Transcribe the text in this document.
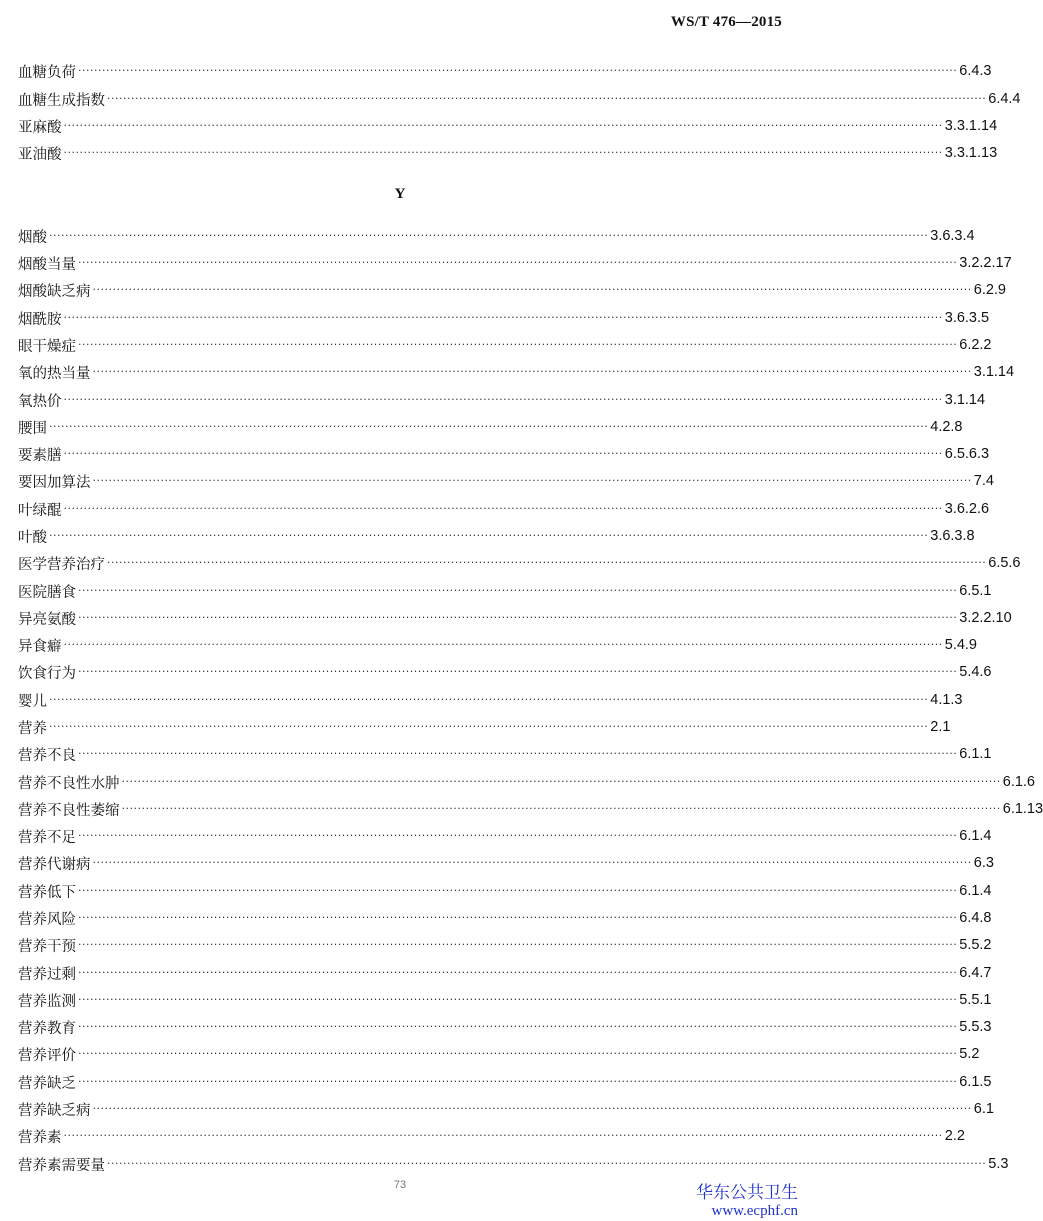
WS/T 476—2015
血糖负荷 ···························································································································································································································· 6.4.3
血糖生成指数 ···························································································································································································································· 6.4.4
亚麻酸 ···························································································································································································································· 3.3.1.14
亚油酸 ···························································································································································································································· 3.3.1.13
烟酸 ···························································································································································································································· 3.6.3.4
烟酸当量 ···························································································································································································································· 3.2.2.17
烟酸缺乏病 ···························································································································································································································· 6.2.9
烟酰胺 ···························································································································································································································· 3.6.3.5
眼干燥症 ···························································································································································································································· 6.2.2
氧的热当量 ···························································································································································································································· 3.1.14
氧热价 ···························································································································································································································· 3.1.14
腰围 ···························································································································································································································· 4.2.8
要素膳 ···························································································································································································································· 6.5.6.3
要因加算法 ···························································································································································································································· 7.4
叶绿醌 ···························································································································································································································· 3.6.2.6
叶酸 ···························································································································································································································· 3.6.3.8
医学营养治疗 ···························································································································································································································· 6.5.6
医院膳食 ···························································································································································································································· 6.5.1
异亮氨酸 ···························································································································································································································· 3.2.2.10
异食癖 ···························································································································································································································· 5.4.9
饮食行为 ···························································································································································································································· 5.4.6
婴儿 ···························································································································································································································· 4.1.3
营养 ···························································································································································································································· 2.1
营养不良 ···························································································································································································································· 6.1.1
营养不良性水肿 ···························································································································································································································· 6.1.6
营养不良性萎缩 ···························································································································································································································· 6.1.13
营养不足 ···························································································································································································································· 6.1.4
营养代谢病 ···························································································································································································································· 6.3
营养低下 ···························································································································································································································· 6.1.4
营养风险 ···························································································································································································································· 6.4.8
营养干预 ···························································································································································································································· 5.5.2
营养过剩 ···························································································································································································································· 6.4.7
营养监测 ···························································································································································································································· 5.5.1
营养教育 ···························································································································································································································· 5.5.3
营养评价 ···························································································································································································································· 5.2
营养缺乏 ···························································································································································································································· 6.1.5
营养缺乏病 ···························································································································································································································· 6.1
营养素 ···························································································································································································································· 2.2
营养素需要量 ···························································································································································································································· 5.3
Y
73	华东公共卫生
www.ecphf.cn
